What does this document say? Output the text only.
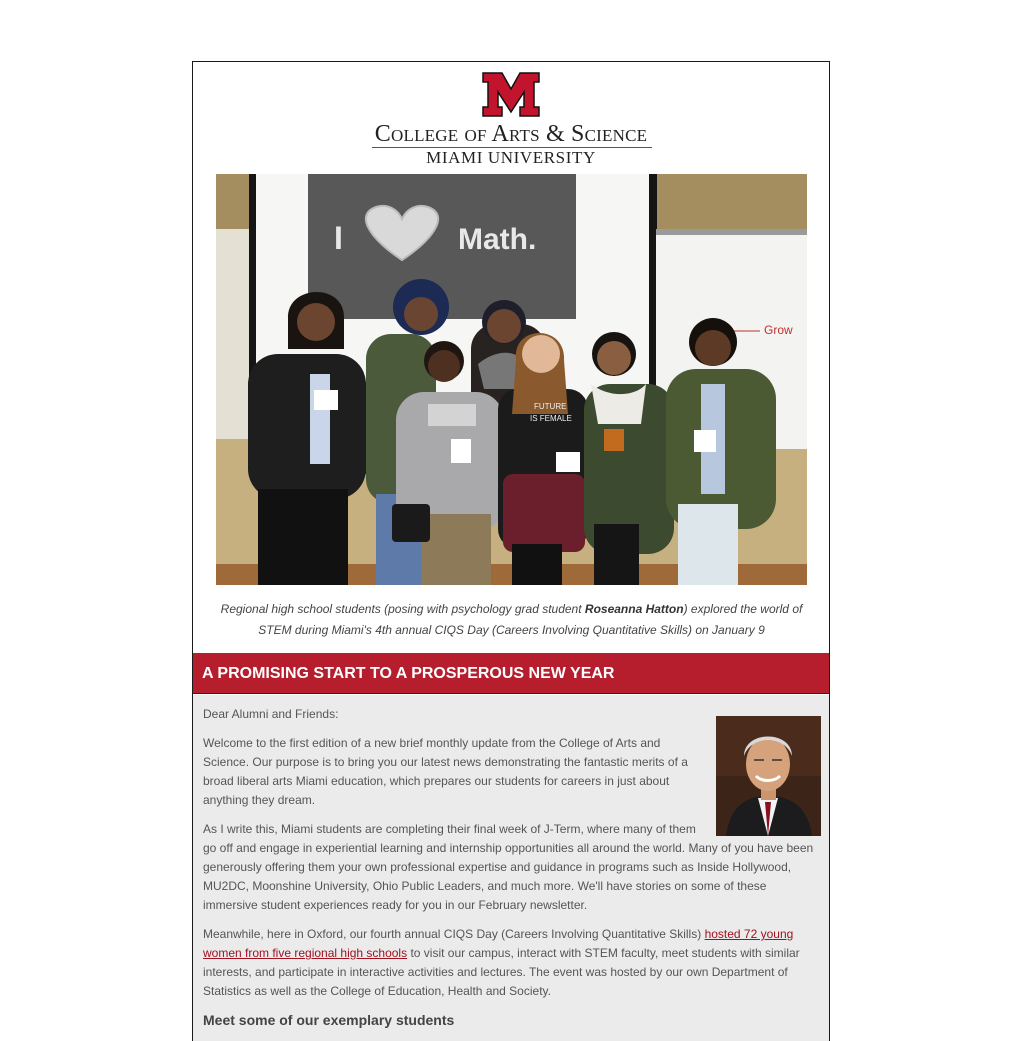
College of Arts & Science
MIAMI UNIVERSITY
I	Math.
Grow
FUTURE
IS FEMALE
Regional high school students (posing with psychology grad student Roseanna Hatton) explored the world of STEM during Miami's 4th annual CIQS Day (Careers Involving Quantitative Skills) on January 9
A PROMISING START TO A PROSPEROUS NEW YEAR

Dear Alumni and Friends:

Welcome to the first edition of a new brief monthly update from the College of Arts and Science. Our purpose is to bring you our latest news demonstrating the fantastic merits of a broad liberal arts Miami education, which prepares our students for careers in just about anything they dream.

As I write this, Miami students are completing their final week of J-Term, where many of them go off and engage in experiential learning and internship opportunities all around the world. Many of you have been generously offering them your own professional expertise and guidance in programs such as Inside Hollywood, MU2DC, Moonshine University, Ohio Public Leaders, and much more. We'll have stories on some of these immersive student experiences ready for you in our February newsletter.

Meanwhile, here in Oxford, our fourth annual CIQS Day (Careers Involving Quantitative Skills) hosted 72 young women from five regional high schools to visit our campus, interact with STEM faculty, meet students with similar interests, and participate in interactive activities and lectures. The event was hosted by our own Department of Statistics as well as the College of Education, Health and Society.

Meet some of our exemplary students
